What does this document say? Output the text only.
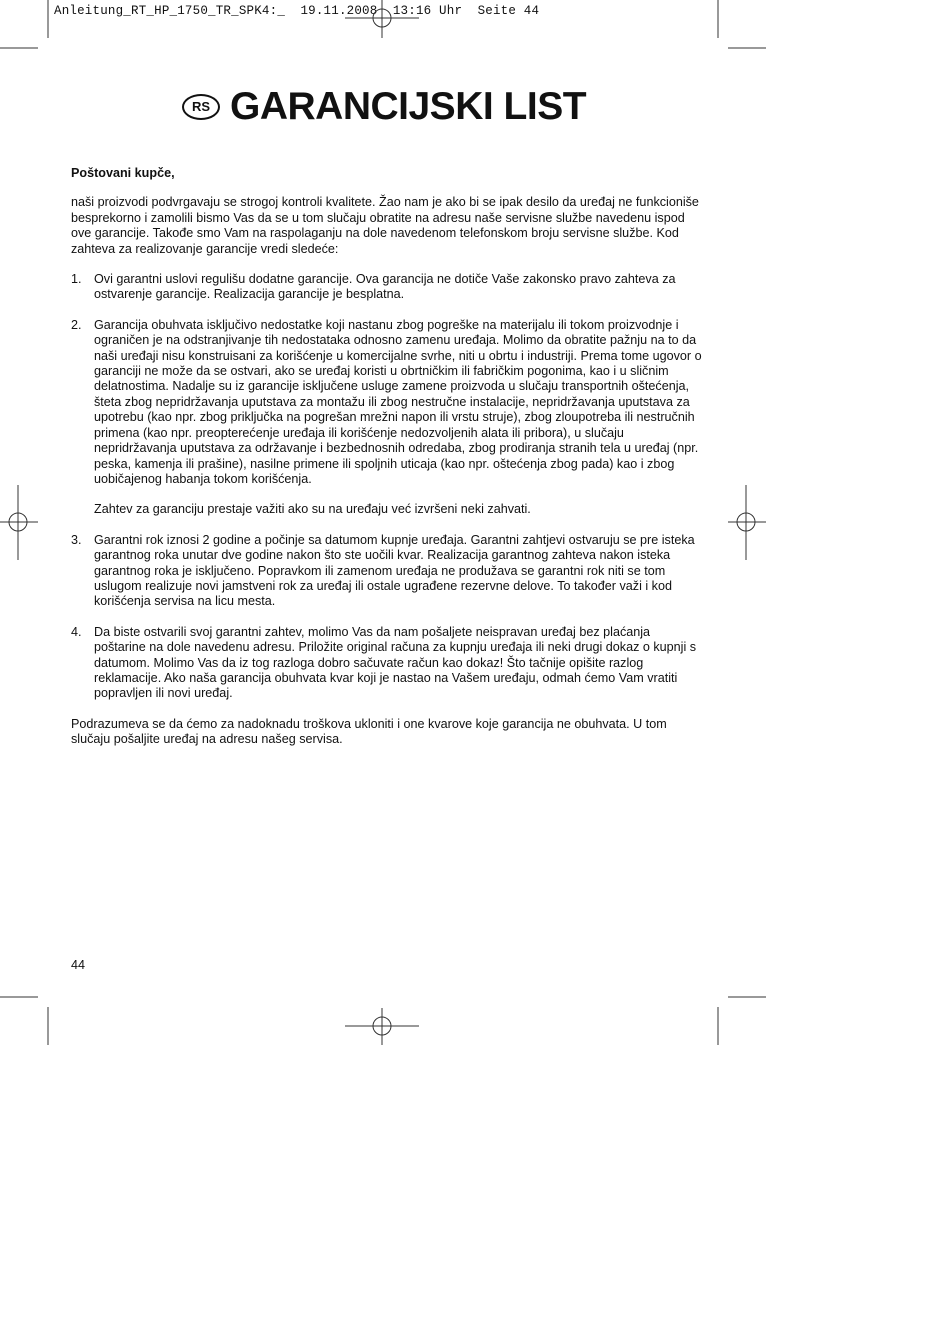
Anleitung_RT_HP_1750_TR_SPK4:_  19.11.2008  13:16 Uhr  Seite 44
RS GARANCIJSKI LIST

Poštovani kupče,

naši proizvodi podvrgavaju se strogoj kontroli kvalitete. Žao nam je ako bi se ipak desilo da uređaj ne funkcioniše besprekorno i zamolili bismo Vas da se u tom slučaju obratite na adresu naše servisne službe navedenu ispod ove garancije. Takođe smo Vam na raspolaganju na dole navedenom telefonskom broju servisne službe. Kod zahteva za realizovanje garancije vredi sledeće:

1. Ovi garantni uslovi regulišu dodatne garancije. Ova garancija ne dotiče Vaše zakonsko pravo zahteva za ostvarenje garancije. Realizacija garancije je besplatna.
2. Garancija obuhvata isključivo nedostatke koji nastanu zbog pogreške na materijalu ili tokom proizvodnje i ograničen je na odstranjivanje tih nedostataka odnosno zamenu uređaja. Molimo da obratite pažnju na to da naši uređaji nisu konstruisani za korišćenje u komercijalne svrhe, niti u obrtu i industriji. Prema tome ugovor o garanciji ne može da se ostvari, ako se uređaj koristi u obrtničkim ili fabričkim pogonima, kao i u sličnim delatnostima. Nadalje su iz garancije isključene usluge zamene proizvoda u slučaju transportnih oštećenja, šteta zbog nepridržavanja uputstava za montažu ili zbog nestručne instalacije, nepridržavanja uputstava za upotrebu (kao npr. zbog priključka na pogrešan mrežni napon ili vrstu struje), zbog zloupotreba ili nestručnih primena (kao npr. preopterećenje uređaja ili korišćenje nedozvoljenih alata ili pribora), u slučaju nepridržavanja uputstava za održavanje i bezbednosnih odredaba, zbog prodiranja stranih tela u uređaj (npr. peska, kamenja ili prašine), nasilne primene ili spoljnih uticaja (kao npr. oštećenja zbog pada) kao i zbog uobičajenog habanja tokom korišćenja.
Zahtev za garanciju prestaje važiti ako su na uređaju već izvršeni neki zahvati.
3. Garantni rok iznosi 2 godine a počinje sa datumom kupnje uređaja. Garantni zahtjevi ostvaruju se pre isteka garantnog roka unutar dve godine nakon što ste uočili kvar. Realizacija garantnog zahteva nakon isteka garantnog roka je isključeno. Popravkom ili zamenom uređaja ne produžava se garantni rok niti se tom uslugom realizuje novi jamstveni rok za uređaj ili ostale ugrađene rezervne delove. To također važi i kod korišćenja servisa na licu mesta.
4. Da biste ostvarili svoj garantni zahtev, molimo Vas da nam pošaljete neispravan uređaj bez plaćanja poštarine na dole navedenu adresu. Priložite original računa za kupnju uređaja ili neki drugi dokaz o kupnji s datumom. Molimo Vas da iz tog razloga dobro sačuvate račun kao dokaz! Što tačnije opišite razlog reklamacije. Ako naša garancija obuhvata kvar koji je nastao na Vašem uređaju, odmah ćemo Vam vratiti popravljen ili novi uređaj.

Podrazumeva se da ćemo za nadoknadu troškova ukloniti i one kvarove koje garancija ne obuhvata. U tom slučaju pošaljite uređaj na adresu našeg servisa.

44
